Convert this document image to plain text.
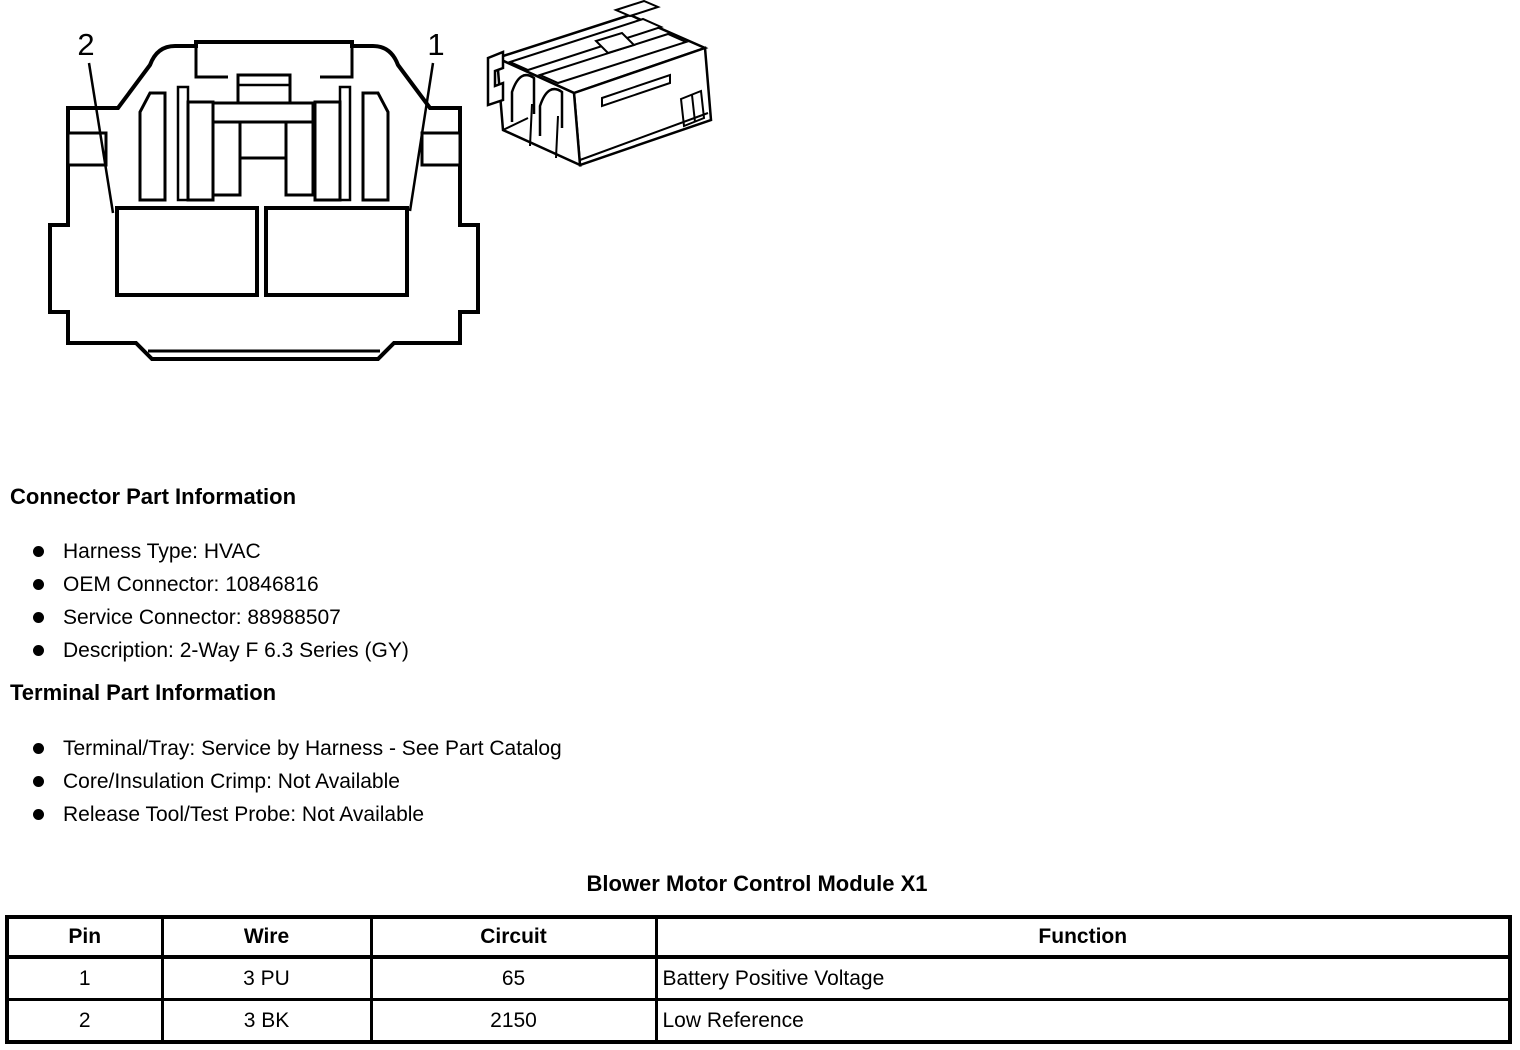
2	1
Connector Part Information
Harness Type: HVAC
OEM Connector: 10846816
Service Connector: 88988507
Description: 2-Way F 6.3 Series (GY)
Terminal Part Information
Terminal/Tray: Service by Harness - See Part Catalog
Core/Insulation Crimp: Not Available
Release Tool/Test Probe: Not Available
Blower Motor Control Module X1
Pin	Wire	Circuit	Function
1	3 PU	65	Battery Positive Voltage
2	3 BK	2150	Low Reference
